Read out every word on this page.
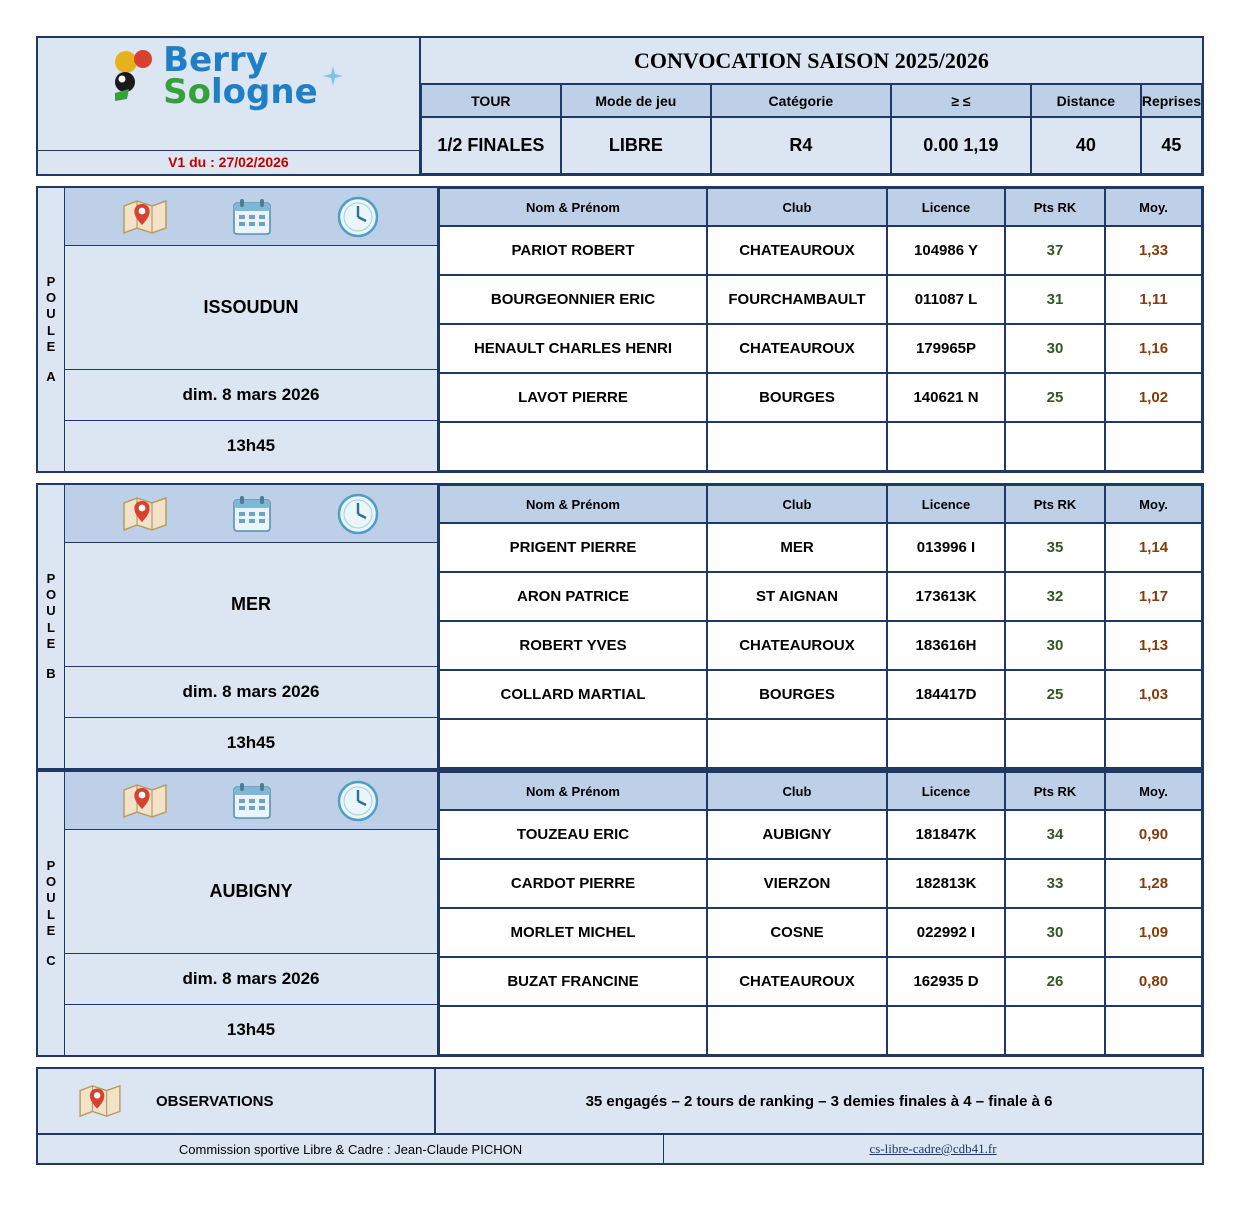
Berry
Sologne
V1 du : 27/02/2026
CONVOCATION SAISON 2025/2026
TOUR	Mode de jeu	Catégorie	≥ ≤	Distance	Reprises
1/2 FINALES	LIBRE	R4	0.00 1,19	40	45
P
O
U
L
E
A
ISSOUDUN
dim. 8 mars 2026
13h45
Nom & Prénom	Club	Licence	Pts RK	Moy.
PARIOT ROBERT	CHATEAUROUX	104986 Y	37	1,33
BOURGEONNIER ERIC	FOURCHAMBAULT	011087 L	31	1,11
HENAULT CHARLES HENRI	CHATEAUROUX	179965P	30	1,16
LAVOT PIERRE	BOURGES	140621 N	25	1,02
P
O
U
L
E
B
MER
dim. 8 mars 2026
13h45
Nom & Prénom	Club	Licence	Pts RK	Moy.
PRIGENT PIERRE	MER	013996 I	35	1,14
ARON PATRICE	ST AIGNAN	173613K	32	1,17
ROBERT YVES	CHATEAUROUX	183616H	30	1,13
COLLARD MARTIAL	BOURGES	184417D	25	1,03
P
O
U
L
E
C
AUBIGNY
dim. 8 mars 2026
13h45
Nom & Prénom	Club	Licence	Pts RK	Moy.
TOUZEAU ERIC	AUBIGNY	181847K	34	0,90
CARDOT PIERRE	VIERZON	182813K	33	1,28
MORLET MICHEL	COSNE	022992 I	30	1,09
BUZAT FRANCINE	CHATEAUROUX	162935 D	26	0,80
OBSERVATIONS	35 engagés – 2 tours de ranking – 3 demies finales à 4 – finale à 6
Commission sportive Libre & Cadre : Jean-Claude PICHON	cs-libre-cadre@cdb41.fr
